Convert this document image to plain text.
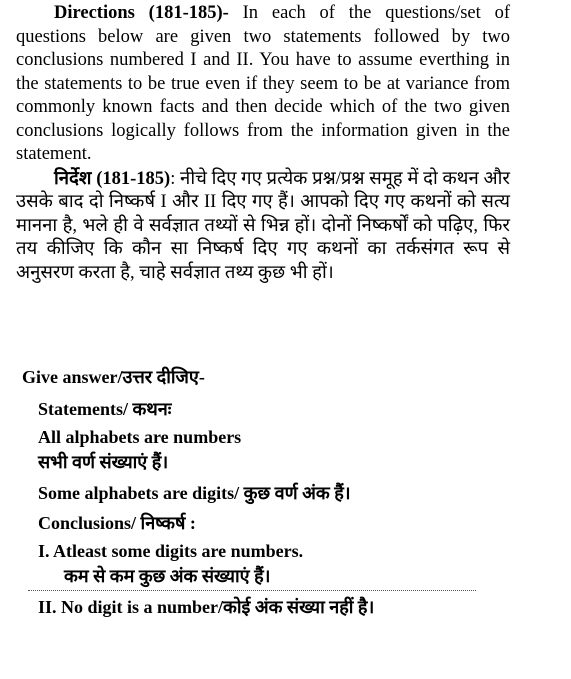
Directions (181-185)- In each of the questions/set of questions below are given two statements followed by two conclusions numbered I and II. You have to assume everthing in the statements to be true even if they seem to be at variance from commonly known facts and then decide which of the two given conclusions logically follows from the information given in the statement.

निर्देश (181-185): नीचे दिए गए प्रत्येक प्रश्न/प्रश्न समूह में दो कथन और उसके बाद दो निष्कर्ष I और II दिए गए हैं। आपको दिए गए कथनों को सत्य मानना है, भले ही वे सर्वज्ञात तथ्यों से भिन्न हों। दोनों निष्कर्षों को पढ़िए, फिर तय कीजिए कि कौन सा निष्कर्ष दिए गए कथनों का तर्कसंगत रूप से अनुसरण करता है, चाहे सर्वज्ञात तथ्य कुछ भी हों।

Give answer/उत्तर दीजिए-
Statements/ कथनः
All alphabets are numbers
सभी वर्ण संख्याएं हैं।
Some alphabets are digits/ कुछ वर्ण अंक हैं।
Conclusions/ निष्कर्ष :
I. Atleast some digits are numbers.
कम से कम कुछ अंक संख्याएं हैं।
II. No digit is a number/कोई अंक संख्या नहीं है।
